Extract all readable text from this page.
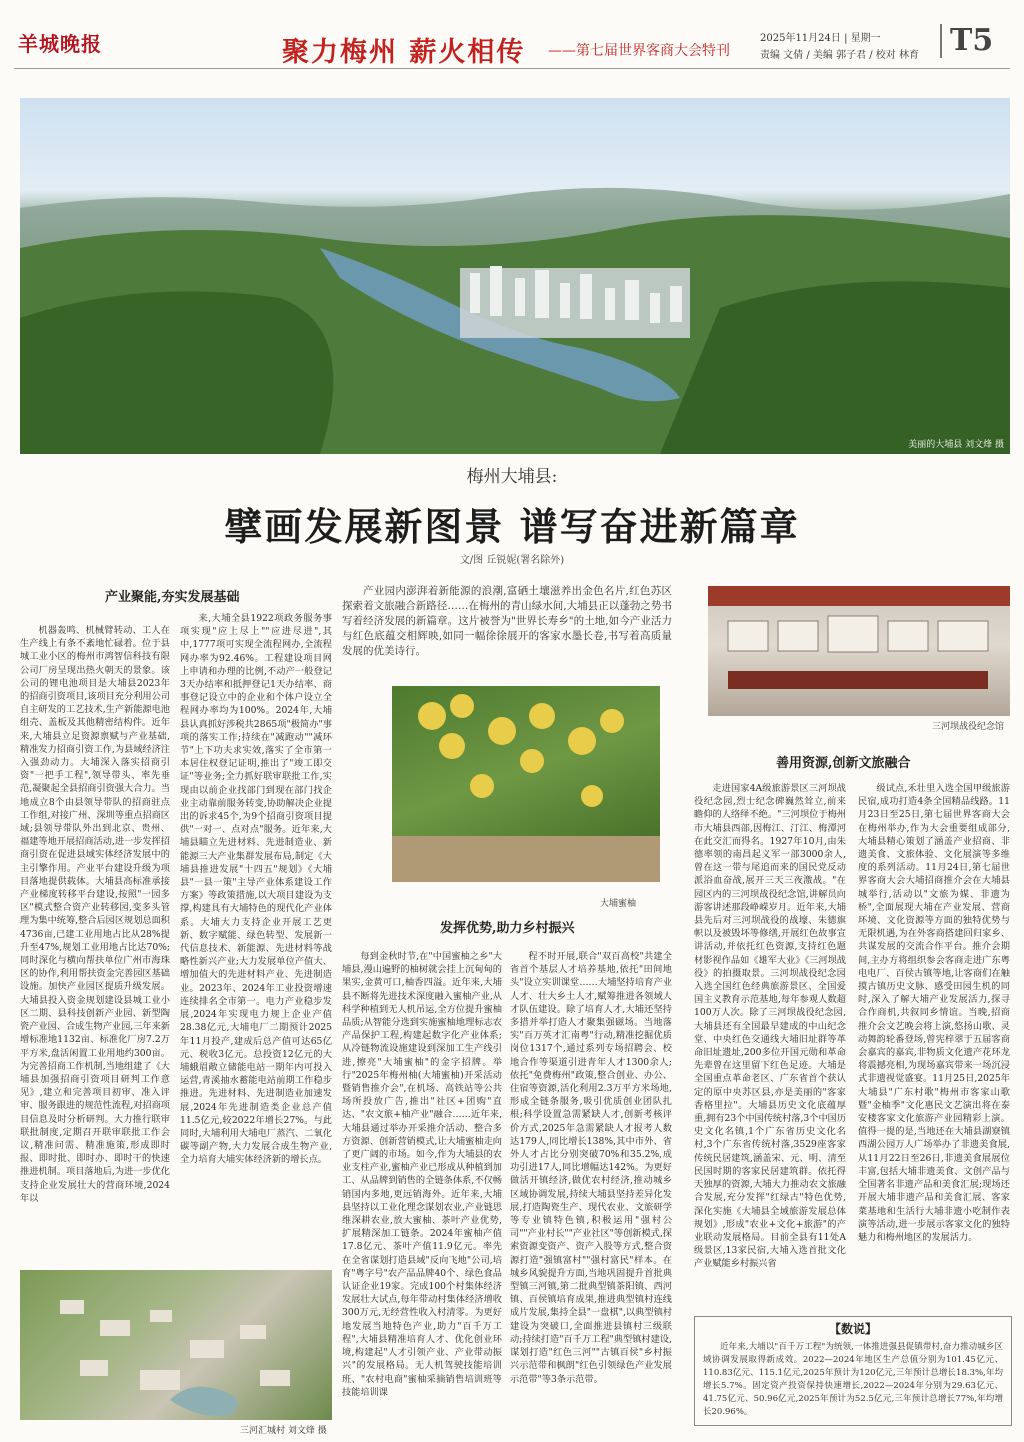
羊城晚报	聚力梅州 薪火相传 ——第七届世界客商大会特刊
2025年11月24日 | 星期一
责编 文倩 / 美编 郭子君 / 校对 林育	T5
美丽的大埔县 刘文烽 摄
梅州大埔县:
擘画发展新图景 谱写奋进新篇章
文/图 丘锐妮(署名除外)
产业聚能,夯实发展基础
机器轰鸣、机械臂转动、工人在生产线上有条不紊地忙碌着。位于县城工业小区的梅州市鸿智信科技有限公司厂房呈现出热火朝天的景象。该公司的锂电池项目是大埔县2023年的招商引资项目,该项目充分利用公司自主研发的工艺技术,生产新能源电池组壳、盖板及其他精密结构件。近年来,大埔县立足资源禀赋与产业基础,精准发力招商引资工作,为县域经济注入强劲动力。大埔深入落实招商引资"一把手工程",领导带头、率先垂范,凝聚起全县招商引资强大合力。当地成立8个由县领导带队的招商驻点工作组,对接广州、深圳等重点招商区域;县领导带队外出到北京、贵州、福建等地开展招商活动,进一步发挥招商引资在促进县域实体经济发展中的主引擎作用。产业平台建设升级为项目落地提供载体。大埔县高标准承接产业梯度转移平台建设,按照"一园多区"模式整合资产业转移园,变多头管理为集中统筹,整合后园区规划总面积4736亩,已建工业用地占比从28%提升至47%,规划工业用地占比达70%;同时深化与横向帮扶单位广州市海珠区的协作,利用帮扶资金完善园区基础设施。加快产业园区提质升级发展。大埔县投入资金规划建设县城工业小区二期、县科技创新产业园、新型陶瓷产业园、合成生物产业园,三年来新增标准地1132亩、标准化厂房7.2万平方米,盘活闲置工业用地约300亩。为完善招商工作机制,当地组建了《大埔县加强招商引资项目研判工作意见》,建立和完善项目初审、准入评审、服务跟进的规范性流程,对招商项目信息及时分析研判。大力推行联审联批制度,定期召开联审联批工作会议,精准问需、精准施策,形成即时报、即时批、即时办、即时干的快速推进机制。项目落地后,为进一步优化支持企业发展壮大的营商环境,2024年以
来,大埔全县1922项政务服务事项实现"应上尽上""应进尽进",其中,1777项可实现全流程网办,全流程网办率为92.46%。工程建设项目网上申请和办理的比例,不动产一般登记3天办结率和抵押登记1天办结率、商事登记设立中的企业和个体户设立全程网办率均为100%。2024年,大埔县认真抓好涉税共2865项"极简办"事项的落实工作;持续在"减跑动""减环节"上下功夫求实效,落实了全市第一本居住权登记证明,推出了"竣工即交证"等业务;全力抓好联审联批工作,实现由以前企业找部门到现在部门找企业主动靠前服务转变,协助解决企业提出的诉求45个,为9个招商引资项目提供"一对一、点对点"服务。近年来,大埔县瞄立先进材料、先进制造业、新能源三大产业集群发展布局,制定《大埔县推进发展"十四五"规划》《大埔县"一县一策"主导产业体系建设工作方案》等政策措施,以大项目建设为支撑,构建具有大埔特色的现代化产业体系。大埔大力支持企业开展工艺更新、数字赋能、绿色转型、发展新一代信息技术、新能源、先进材料等战略性新兴产业;大力发展单位产值大、增加值大的先进材料产业、先进制造业。2023年、2024年工业投资增速连续排名全市第一。电力产业稳步发展,2024年实现电力规上企业产值28.38亿元,大埔电厂二期预计2025年11月投产,建成后总产值可达65亿元、税收3亿元。总投资12亿元的大埔蛾眉敞立储能电站一期年内可投入运营,青溪抽水蓄能电站前期工作稳步推进。先进材料、先进制造业加速发展,2024年先进制造类企业总产值11.5亿元,较2022年增长27%。与此同时,大埔利用大埔电厂蒸汽、二氧化碳等副产物,大力发展合成生物产业,全力培育大埔实体经济新的增长点。
三河汇城村 刘文烽 摄
产业园内澎湃着新能源的浪潮,富硒土壤滋养出金色名片,红色苏区探索着文旅融合新路径……在梅州的青山绿水间,大埔县正以蓬勃之势书写着经济发展的新篇章。这片被誉为"世界长寿乡"的土地,如今产业活力与红色底蕴交相辉映,如同一幅徐徐展开的客家水墨长卷,书写着高质量发展的优美诗行。
大埔蜜柚
发挥优势,助力乡村振兴
每到金秋时节,在"中国蜜柚之乡"大埔县,漫山遍野的柚树就会挂上沉甸甸的果实,金黄可口,柚香四溢。近年来,大埔县不断将先进技术深度融入蜜柚产业,从科学种植到无人机吊运,全方位提升蜜柚品质;从智能分选到实施蜜柚地理标志农产品保护工程,构建起数字化产业体系;从冷链物流设施建设到深加工生产线引进,擦亮"大埔蜜柚"的金字招牌。举行"2025年梅州柚(大埔蜜柚)开采活动暨销售推介会",在机场、高铁站等公共场所投放广告,推出"社区+团购"直达、"农文旅+柚产业"融合……近年来,大埔县通过举办开采推介活动、整合多方资源、创新营销模式,让大埔蜜柚走向了更广阔的市场。如今,作为大埔县的农业支柱产业,蜜柚产业已形成从种植到加工、从品牌到销售的全链条体系,不仅畅销国内多地,更远销海外。近年来,大埔县坚持以工业化理念谋划农业,产业链思维深耕农业,放大蜜柚、茶叶产业优势,扩展精深加工链条。2024年蜜柚产值17.8亿元、茶叶产值11.9亿元。率先在全省谋划打造县域"反向飞地"公司,培育"粤字号"农产品品牌40个、绿色食品认证企业19家。完成100个村集体经济发展壮大试点,每年带动村集体经济增收300万元,无经营性收入村清零。为更好地发展当地特色产业,助力"百千万工程",大埔县精准培育人才、优化创业环境,构建起"人才引领产业、产业带动振兴"的发展格局。无人机驾驶技能培训班、"农村电商"蜜柚采摘销售培训班等技能培训课
程不时开展,联合"双百高校"共建全省首个基层人才培养基地,依托"田间地头"设立实训课堂……大埔坚持培育产业人才、壮大乡土人才,赋筹推进各领域人才队伍建设。除了培育人才,大埔还坚持多措并举打造人才聚集强磁场。当地落实"百万英才汇南粤"行动,精准挖掘优质岗位1317个,通过系列专场招聘会、校地合作等渠道引进青年人才1300余人;依托"免费梅州"政策,整合创业、办公、住宿等资源,活化利用2.3万平方米场地,形成全链条服务,吸引优质创业团队扎根;科学设置急需紧缺人才,创新考核评价方式,2025年急需紧缺人才报考人数达179人,同比增长138%,其中市外、省外人才占比分别突破70%和35.2%,成功引进17人,同比增幅达142%。为更好做活开镇经济,做优农村经济,推动城乡区域协调发展,持续大埔县坚持差异化发展,打造陶瓷生产、现代农业、文旅研学等专业镇特色镇,积极运用"强村公司""产业村长""产业社区"等创新模式,探索资源变资产、资产入股等方式,整合资源打造"强镇富村""强村富民"样本。在城乡风貌提升方面,当地巩固提升首批典型镇三河镇,第二批典型镇茶阳镇、西河镇、百侯镇培育成果,推进典型镇村连线成片发展,集持全县"一盘棋",以典型镇村建设为突破口,全面推进县镇村三级联动;持续打造"百千万工程"典型镇村建设,谋划打造"红色三河""古镇百侯"乡村振兴示范带和枫朗"红色引领绿色产业发展示范带"等3条示范带。
三河坝战役纪念馆
善用资源,创新文旅融合
走进国家4A级旅游景区三河坝战役纪念园,烈士纪念碑巍然耸立,前来瞻仰的人络绎不绝。"三河坝位于梅州市大埔县西部,因梅江、汀江、梅潭河在此交汇而得名。1927年10月,由朱德率领的南昌起义军一部3000余人,曾在这一带与尾追而来的国民党反动派浴血奋战,展开三天三夜激战。"在园区内的三河坝战役纪念馆,讲解员向游客讲述那段峥嵘岁月。近年来,大埔县先后对三河坝战役的战壕、朱德旗帜以及被毁坏等修缮,开展红色故事宣讲活动,并依托红色资源,支持红色题材影视作品如《雄军大业》《三河坝战役》的拍摄取景。三河坝战役纪念园入选全国红色经典旅游景区、全国爱国主义教育示范基地,每年参观人数超100万人次。除了三河坝战役纪念园,大埔县还有全国最早建成的中山纪念堂、中央红色交通线大埔旧址群等革命旧址遗址,200多位开国元勋和革命先辈曾在这里留下红色足迹。大埔是全国重点革命老区、广东省首个获认定的原中央苏区县,亦是美丽的"客家香格里拉"。大埔县历史文化底蕴厚重,拥有23个中国传统村落,3个中国历史文化名镇,1个广东省历史文化名村,3个广东省传统村落,3529座客家传统民居建筑,涵盖宋、元、明、清至民国时期的客家民居建筑群。依托得天独厚的资源,大埔大力推动农文旅融合发展,充分发挥"红绿古"特色优势,深化实施《大埔县全域旅游发展总体规划》,形成"农业+文化+旅游"的产业联动发展格局。目前全县有11处A级景区,13家民宿,大埔入选首批文化产业赋能乡村振兴省
级试点,禾壮里入选全国甲级旅游民宿,成功打造4条全国精品线路。11月23日至25日,第七届世界客商大会在梅州举办,作为大会重要组成部分,大埔县精心策划了涵盖产业招商、非遗美食、文旅体验、文化展演等多维度的系列活动。11月24日,第七届世界客商大会大埔招商推介会在大埔县城举行,活动以"文旅为媒、非遗为桥",全面展现大埔在产业发展、营商环境、文化资源等方面的独特优势与无限机遇,为在外客商搭建回归家乡、共谋发展的交流合作平台。推介会期间,主办方将组织参会客商走进广东粤电电厂、百侯古镇等地,让客商们在触摸古镇历史文脉、感受田园生机的同时,深入了解大埔产业发展活力,探寻合作商机,共叙同乡情谊。当晚,招商推介会文艺晚会将上演,悠扬山歌、灵动舞韵轮番登场,曾宪梓翠于五届客商会嘉宾的嘉宾,非物质文化遗产花环龙将震撼亮相,为现场嘉宾带来一场沉浸式非遗视觉盛宴。11月25日,2025年大埔县"广东村歌"梅州市客家山歌暨"金柚季"文化惠民文艺演出将在泰安楼客家文化旅游产业园精彩上演。值得一提的是,当地还在大埔县湖寮镇西湖公园万人广场举办了非遗美食展,从11月22日至26日,非遗美食展展位丰富,包括大埔非遗美食、文创产品与全国著名非遗产品和美食汇展;现场还开展大埔非遗产品和美食汇展、客家菜基地和生活行大埔非遗小吃制作表演等活动,进一步展示客家文化的独特魅力和梅州地区的发展活力。
【数说】
近年来,大埔以"百千万工程"为统领,一体推进强县促镇带村,奋力推动城乡区域协调发展取得新成效。2022—2024年地区生产总值分别为101.45亿元、110.83亿元、115.1亿元,2025年预计为120亿元,三年预计总增长18.3%,年均增长5.7%。固定资产投资保持快速增长,2022—2024年分别为29.63亿元、41.75亿元、50.96亿元,2025年预计为52.5亿元,三年预计总增长77%,年均增长20.96%。
